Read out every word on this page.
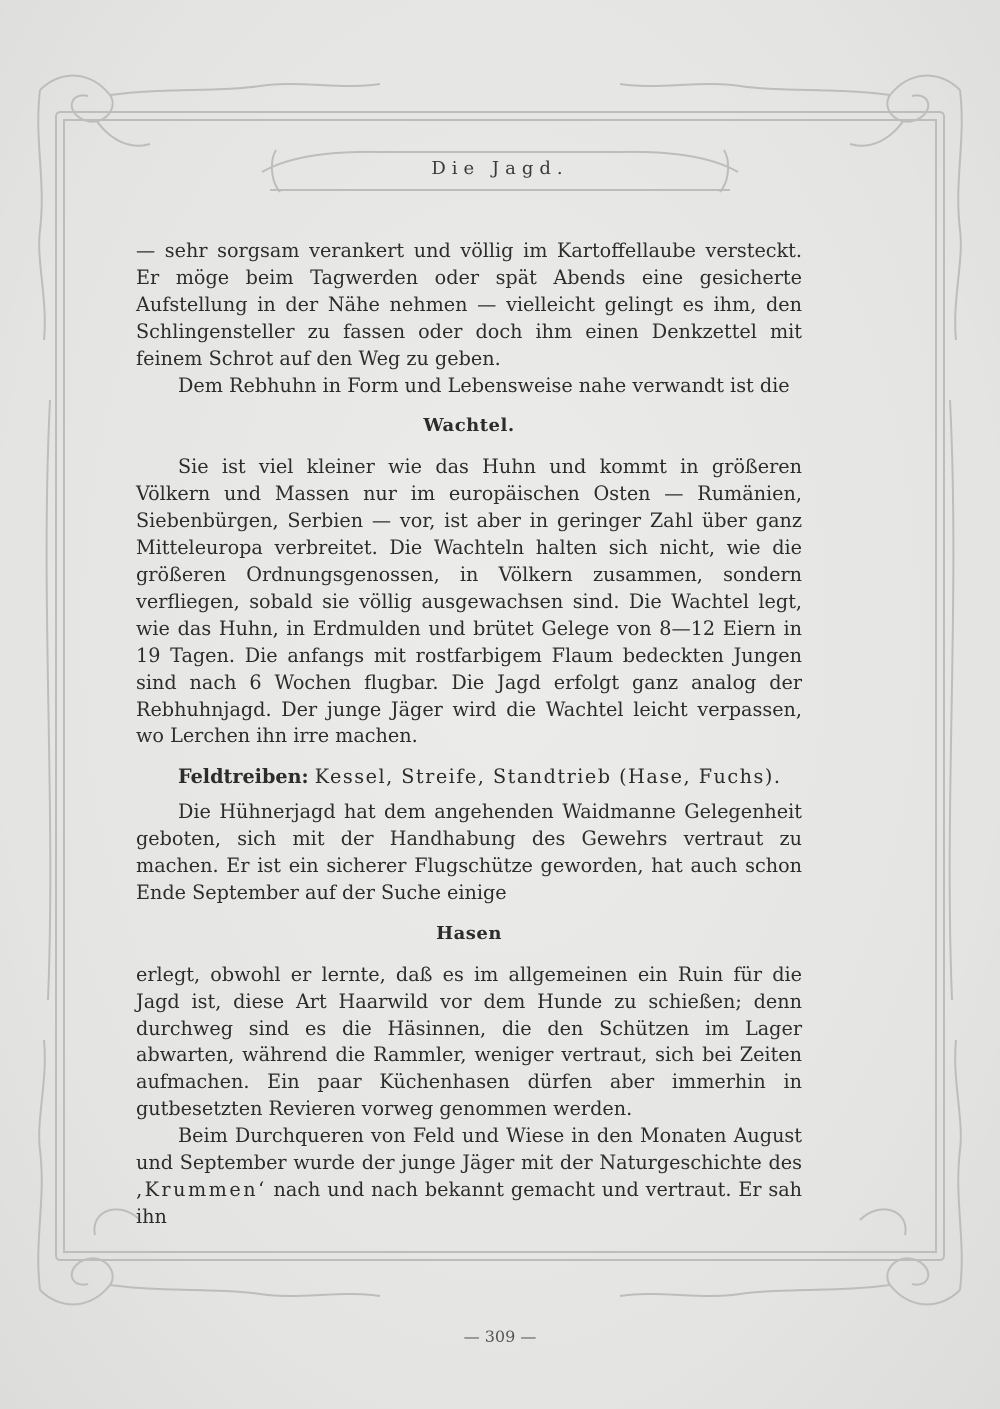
Die Jagd.

— sehr sorgsam verankert und völlig im Kartoffellaube versteckt. Er möge beim Tagwerden oder spät Abends eine gesicherte Aufstellung in der Nähe nehmen — vielleicht gelingt es ihm, den Schlingensteller zu fassen oder doch ihm einen Denkzettel mit feinem Schrot auf den Weg zu geben.

Dem Rebhuhn in Form und Lebensweise nahe verwandt ist die

Wachtel.

Sie ist viel kleiner wie das Huhn und kommt in größeren Völkern und Massen nur im europäischen Osten — Rumänien, Siebenbürgen, Serbien — vor, ist aber in geringer Zahl über ganz Mitteleuropa verbreitet. Die Wachteln halten sich nicht, wie die größeren Ordnungsgenossen, in Völkern zusammen, sondern verfliegen, sobald sie völlig ausgewachsen sind. Die Wachtel legt, wie das Huhn, in Erdmulden und brütet Gelege von 8—12 Eiern in 19 Tagen. Die anfangs mit rostfarbigem Flaum bedeckten Jungen sind nach 6 Wochen flugbar. Die Jagd erfolgt ganz analog der Rebhuhnjagd. Der junge Jäger wird die Wachtel leicht verpassen, wo Lerchen ihn irre machen.

Feldtreiben: Kessel, Streife, Standtrieb (Hase, Fuchs).

Die Hühnerjagd hat dem angehenden Waidmanne Gelegenheit geboten, sich mit der Handhabung des Gewehrs vertraut zu machen. Er ist ein sicherer Flugschütze geworden, hat auch schon Ende September auf der Suche einige

Hasen

erlegt, obwohl er lernte, daß es im allgemeinen ein Ruin für die Jagd ist, diese Art Haarwild vor dem Hunde zu schießen; denn durchweg sind es die Häsinnen, die den Schützen im Lager abwarten, während die Rammler, weniger vertraut, sich bei Zeiten aufmachen. Ein paar Küchenhasen dürfen aber immerhin in gutbesetzten Revieren vorweg genommen werden.

Beim Durchqueren von Feld und Wiese in den Monaten August und September wurde der junge Jäger mit der Naturgeschichte des ‚Krummen‘ nach und nach bekannt gemacht und vertraut. Er sah ihn

— 309 —
